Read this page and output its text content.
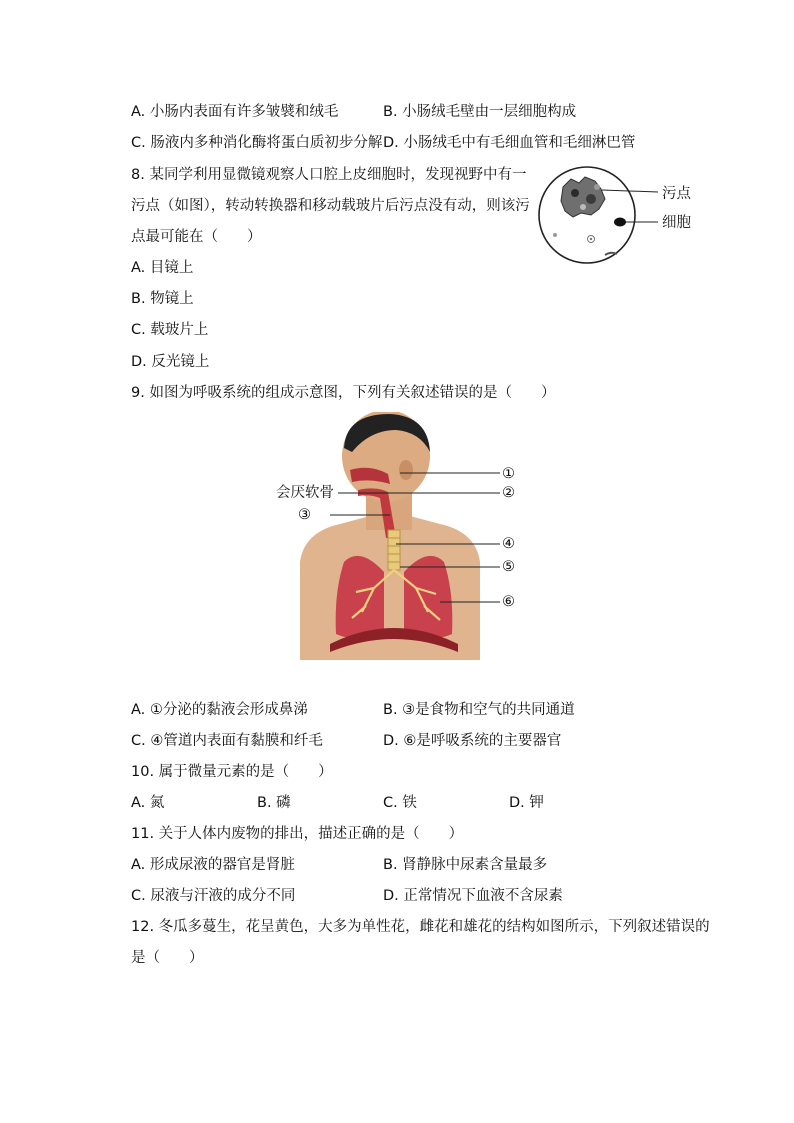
A. 小肠内表面有许多皱襞和绒毛	B. 小肠绒毛壁由一层细胞构成
C. 肠液内多种消化酶将蛋白质初步分解 D. 小肠绒毛中有毛细血管和毛细淋巴管
8. 某同学利用显微镜观察人口腔上皮细胞时，发现视野中有一
污点（如图），转动转换器和移动载玻片后污点没有动，则该污
点最可能在（　　）
A. 目镜上
B. 物镜上
C. 载玻片上
D. 反光镜上
污点
细胞
9. 如图为呼吸系统的组成示意图，下列有关叙述错误的是（　　）
①
会厌软骨	②
③
④
⑤
⑥
A. ①分泌的黏液会形成鼻涕	B. ③是食物和空气的共同通道
C. ④管道内表面有黏膜和纤毛	D. ⑥是呼吸系统的主要器官
10. 属于微量元素的是（　　）
A. 氮	B. 磷	C. 铁	D. 钾
11. 关于人体内废物的排出，描述正确的是（　　）
A. 形成尿液的器官是肾脏	B. 肾静脉中尿素含量最多
C. 尿液与汗液的成分不同	D. 正常情况下血液不含尿素
12. 冬瓜多蔓生，花呈黄色，大多为单性花，雌花和雄花的结构如图所示，下列叙述错误的
是（　　）
